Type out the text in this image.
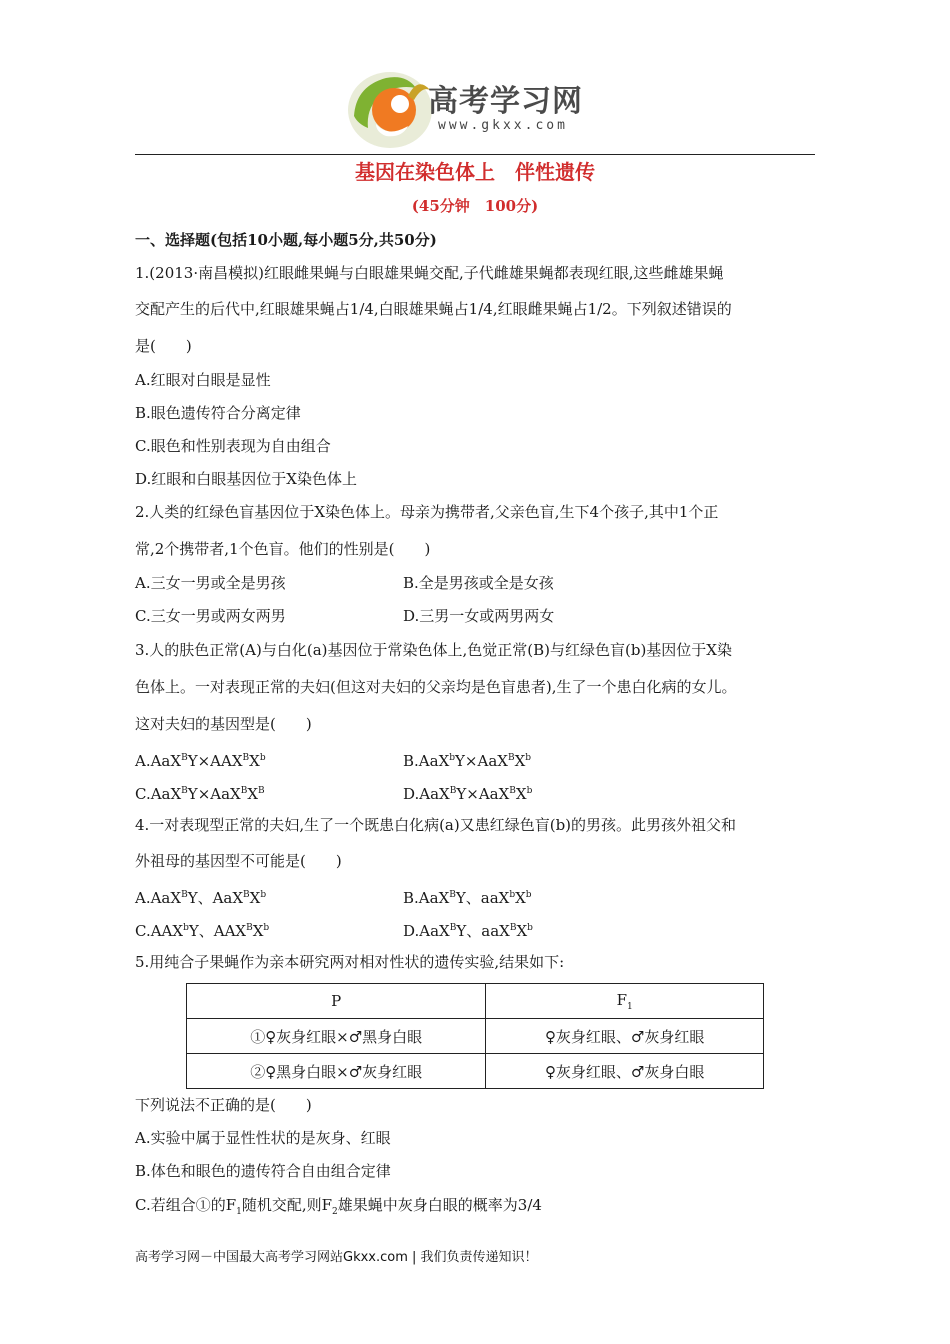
高考学习网
www.gkxx.com
基因在染色体上　伴性遗传
(45分钟　100分)
一、选择题(包括10小题,每小题5分,共50分)
1.(2013·南昌模拟)红眼雌果蝇与白眼雄果蝇交配,子代雌雄果蝇都表现红眼,这些雌雄果蝇
交配产生的后代中,红眼雄果蝇占1/4,白眼雄果蝇占1/4,红眼雌果蝇占1/2。下列叙述错误的
是(　　)
A.红眼对白眼是显性
B.眼色遗传符合分离定律
C.眼色和性别表现为自由组合
D.红眼和白眼基因位于X染色体上
2.人类的红绿色盲基因位于X染色体上。母亲为携带者,父亲色盲,生下4个孩子,其中1个正
常,2个携带者,1个色盲。他们的性别是(　　)
A.三女一男或全是男孩	B.全是男孩或全是女孩
C.三女一男或两女两男	D.三男一女或两男两女
3.人的肤色正常(A)与白化(a)基因位于常染色体上,色觉正常(B)与红绿色盲(b)基因位于X染
色体上。一对表现正常的夫妇(但这对夫妇的父亲均是色盲患者),生了一个患白化病的女儿。
这对夫妇的基因型是(　　)
$A.AaX^BY\times AAX^BX^b$	$B.AaX^bY\times AaX^BX^b$
$C.AaX^BY\times AaX^BX^B$	$D.AaX^BY\times AaX^BX^b$
4.一对表现型正常的夫妇,生了一个既患白化病(a)又患红绿色盲(b)的男孩。此男孩外祖父和
外祖母的基因型不可能是(　　)
A.AaX$^B$Y、$AaX^BX^b$	B.AaX$^B$Y、$aaX^bX^b$
C.AAX$^b$Y、$AAX^BX^b$	D.AaX$^B$Y、$aaX^BX^b$
5.用纯合子果蝇作为亲本研究两对相对性状的遗传实验,结果如下:
P	$F_1$
①♀灰身红眼×♂黑身白眼	♀灰身红眼、♂灰身红眼
②♀黑身白眼×♂灰身红眼	♀灰身红眼、♂灰身白眼
下列说法不正确的是(　　)
A.实验中属于显性性状的是灰身、红眼
B.体色和眼色的遗传符合自由组合定律
C.若组合①的$F_1$随机交配,则$F_2$雄果蝇中灰身白眼的概率为3/4
高考学习网－中国最大高考学习网站Gkxx.com | 我们负责传递知识！
